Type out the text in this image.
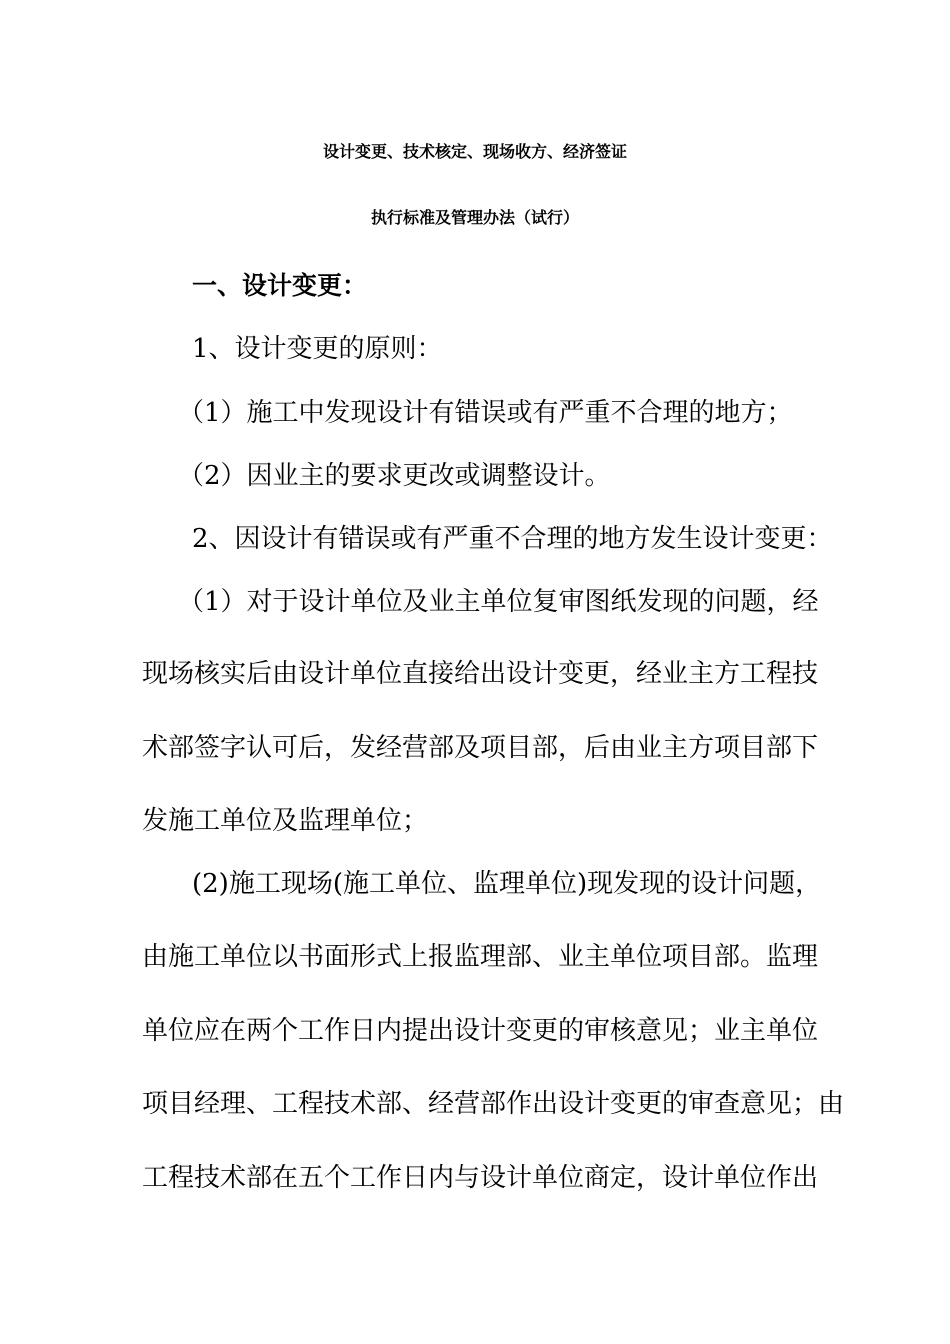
设计变更、技术核定、现场收方、经济签证
执行标准及管理办法（试行）
一、设计变更：
1、设计变更的原则：
（1）施工中发现设计有错误或有严重不合理的地方；
（2）因业主的要求更改或调整设计。
2、因设计有错误或有严重不合理的地方发生设计变更：
（1）对于设计单位及业主单位复审图纸发现的问题，经
现场核实后由设计单位直接给出设计变更，经业主方工程技
术部签字认可后，发经营部及项目部，后由业主方项目部下
发施工单位及监理单位；
(2)施工现场(施工单位、监理单位)现发现的设计问题，
由施工单位以书面形式上报监理部、业主单位项目部。监理
单位应在两个工作日内提出设计变更的审核意见；业主单位
项目经理、工程技术部、经营部作出设计变更的审查意见；由
工程技术部在五个工作日内与设计单位商定，设计单位作出
